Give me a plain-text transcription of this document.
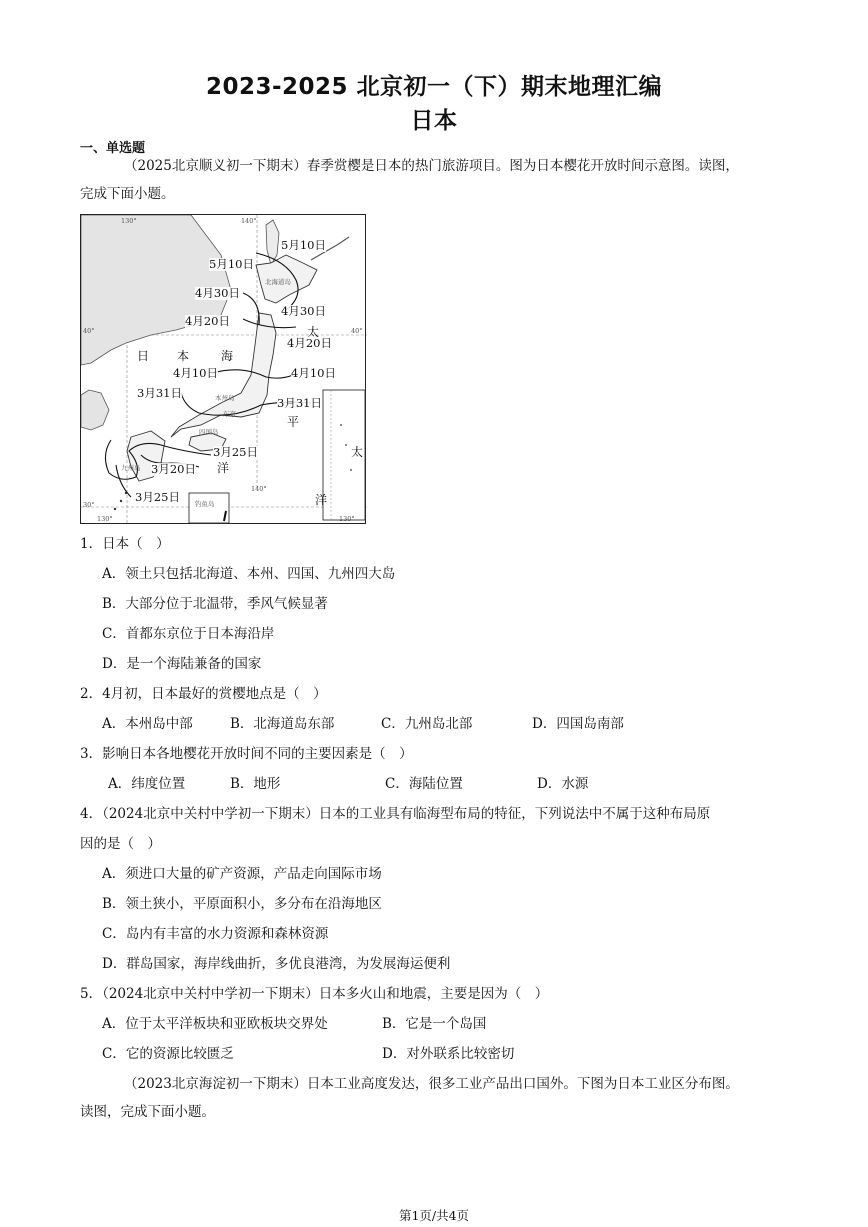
2023-2025 北京初一（下）期末地理汇编
日本
一、单选题
（2025北京顺义初一下期末）春季赏樱是日本的热门旅游项目。图为日本樱花开放时间示意图。读图，
完成下面小题。
130°	140°
40°	40°
30°
140°
130°	130°
5月10日
5月10日
4月30日
4月30日
4月20日
4月20日
4月10日	4月10日
3月31日
3月31日
3月25日
3月20日
3月25日
北海道岛
本州岛
东京
四国岛
九州岛
日 本	海
太
平
洋
太
洋
钓鱼岛
1．日本（　）
A．领土只包括北海道、本州、四国、九州四大岛
B．大部分位于北温带，季风气候显著
C．首都东京位于日本海沿岸
D．是一个海陆兼备的国家
2．4月初，日本最好的赏樱地点是（　）
A．本州岛中部	B．北海道岛东部	C．九州岛北部	D．四国岛南部
3．影响日本各地樱花开放时间不同的主要因素是（　）
A．纬度位置	B．地形	C．海陆位置	D．水源
4．（2024北京中关村中学初一下期末）日本的工业具有临海型布局的特征，下列说法中不属于这种布局原
因的是（　）
A．须进口大量的矿产资源，产品走向国际市场
B．领土狭小，平原面积小，多分布在沿海地区
C．岛内有丰富的水力资源和森林资源
D．群岛国家，海岸线曲折，多优良港湾，为发展海运便利
5．（2024北京中关村中学初一下期末）日本多火山和地震，主要是因为（　）
A．位于太平洋板块和亚欧板块交界处	B．它是一个岛国
C．它的资源比较匮乏	D．对外联系比较密切
（2023北京海淀初一下期末）日本工业高度发达，很多工业产品出口国外。下图为日本工业区分布图。
读图，完成下面小题。
第1页/共4页
